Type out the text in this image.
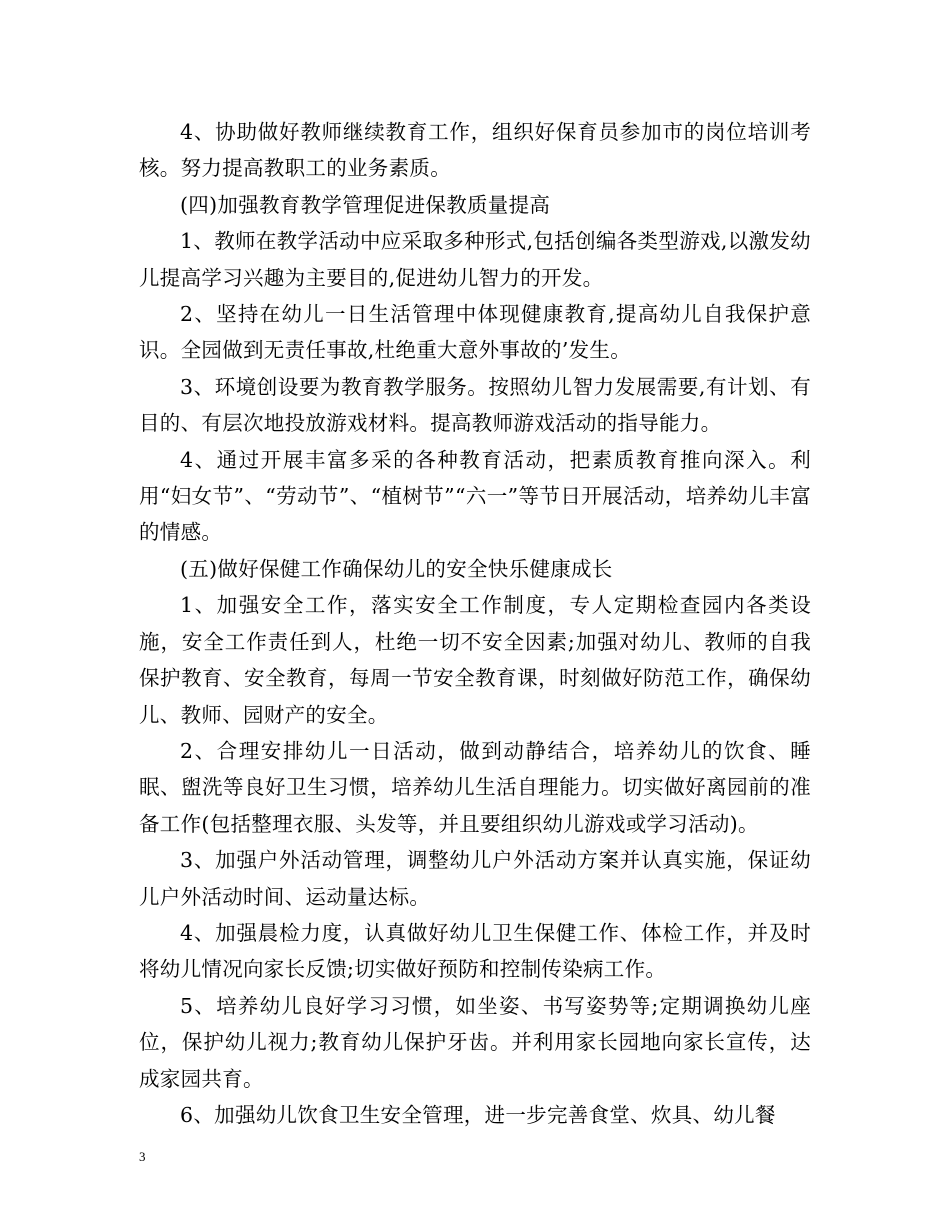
4、协助做好教师继续教育工作，组织好保育员参加市的岗位培训考核。努力提高教职工的业务素质。

(四)加强教育教学管理促进保教质量提高

1、教师在教学活动中应采取多种形式,包括创编各类型游戏,以激发幼儿提高学习兴趣为主要目的,促进幼儿智力的开发。

2、坚持在幼儿一日生活管理中体现健康教育,提高幼儿自我保护意识。全园做到无责任事故,杜绝重大意外事故的’发生。

3、环境创设要为教育教学服务。按照幼儿智力发展需要,有计划、有目的、有层次地投放游戏材料。提高教师游戏活动的指导能力。

4、通过开展丰富多采的各种教育活动，把素质教育推向深入。利用“妇女节”、“劳动节”、“植树节”“六一”等节日开展活动，培养幼儿丰富的情感。

(五)做好保健工作确保幼儿的安全快乐健康成长

1、加强安全工作，落实安全工作制度，专人定期检查园内各类设施，安全工作责任到人，杜绝一切不安全因素;加强对幼儿、教师的自我保护教育、安全教育，每周一节安全教育课，时刻做好防范工作，确保幼儿、教师、园财产的安全。

2、合理安排幼儿一日活动，做到动静结合，培养幼儿的饮食、睡眠、盥洗等良好卫生习惯，培养幼儿生活自理能力。切实做好离园前的准备工作(包括整理衣服、头发等，并且要组织幼儿游戏或学习活动)。

3、加强户外活动管理，调整幼儿户外活动方案并认真实施，保证幼儿户外活动时间、运动量达标。

4、加强晨检力度，认真做好幼儿卫生保健工作、体检工作，并及时将幼儿情况向家长反馈;切实做好预防和控制传染病工作。

5、培养幼儿良好学习习惯，如坐姿、书写姿势等;定期调换幼儿座位，保护幼儿视力;教育幼儿保护牙齿。并利用家长园地向家长宣传，达成家园共育。

6、加强幼儿饮食卫生安全管理，进一步完善食堂、炊具、幼儿餐

3
